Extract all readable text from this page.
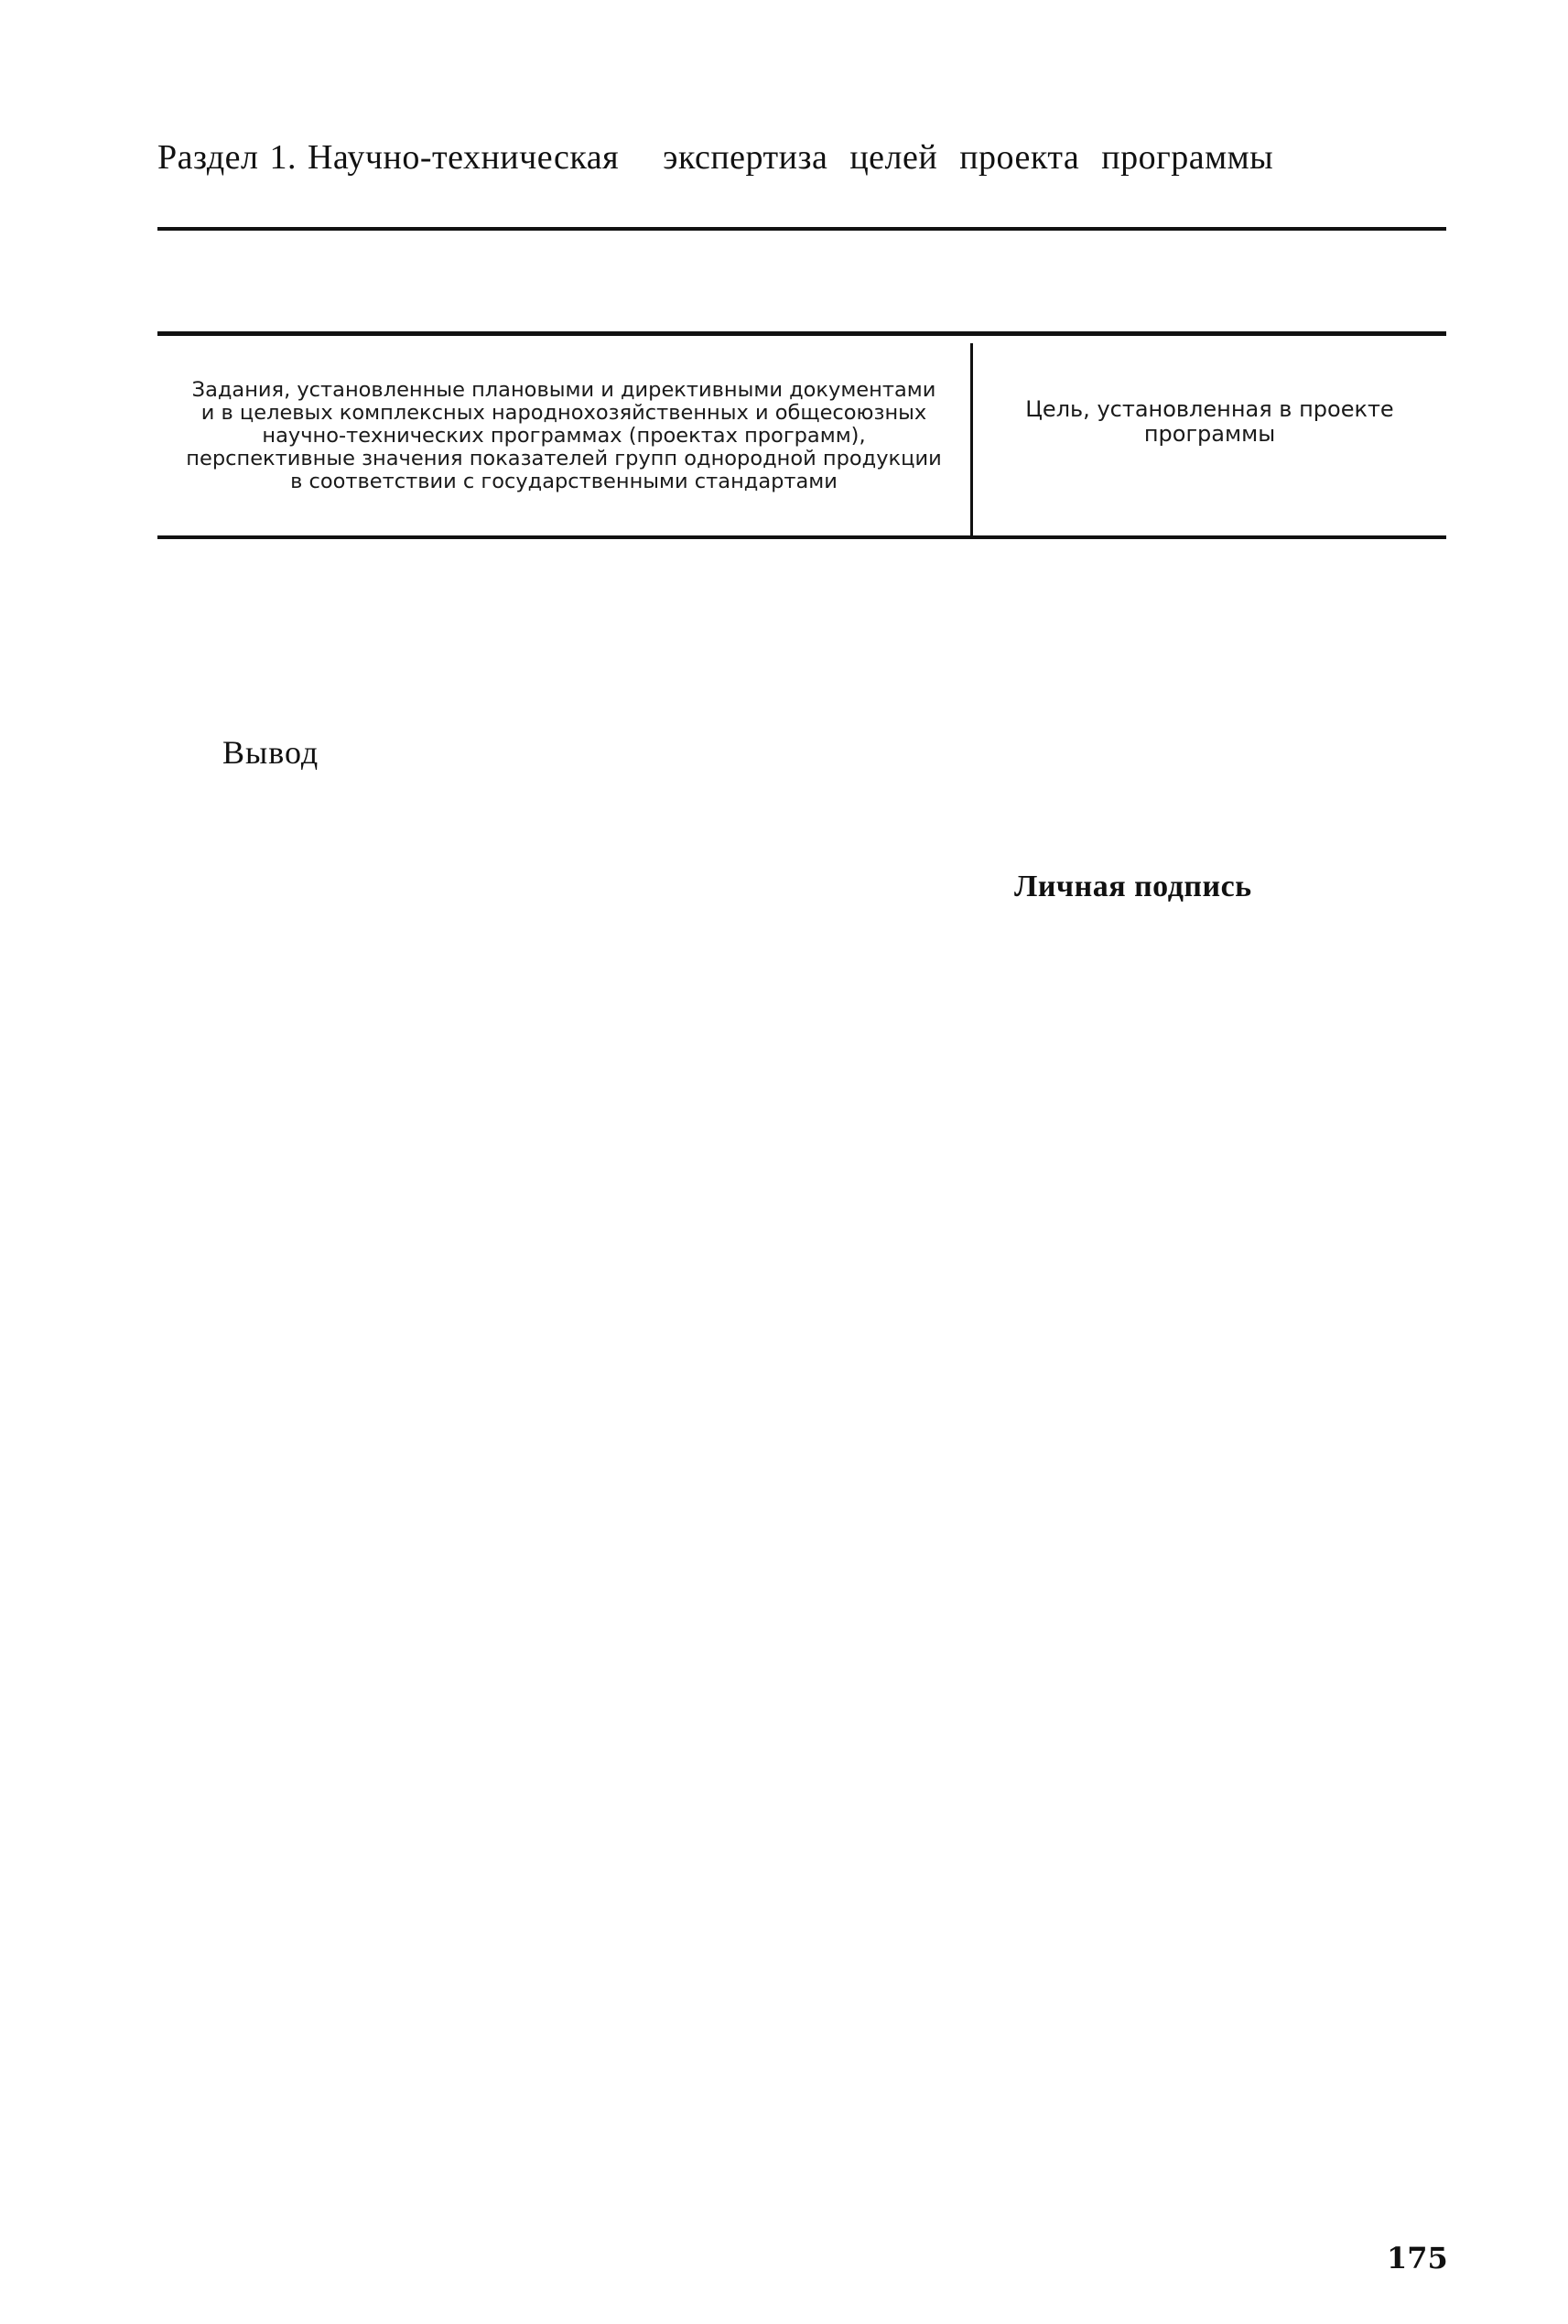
Раздел 1. Научно-техническая    экспертиза  целей  проекта  программы
Задания, установленные плановыми и директивными документами и в целевых комплексных народнохозяйственных и общесоюзных научно-технических программах (проектах программ), перспективные значения показателей групп однородной продукции в соответствии с государственными стандартами
Цель, установленная в проекте программы
Вывод
Личная подпись
175
